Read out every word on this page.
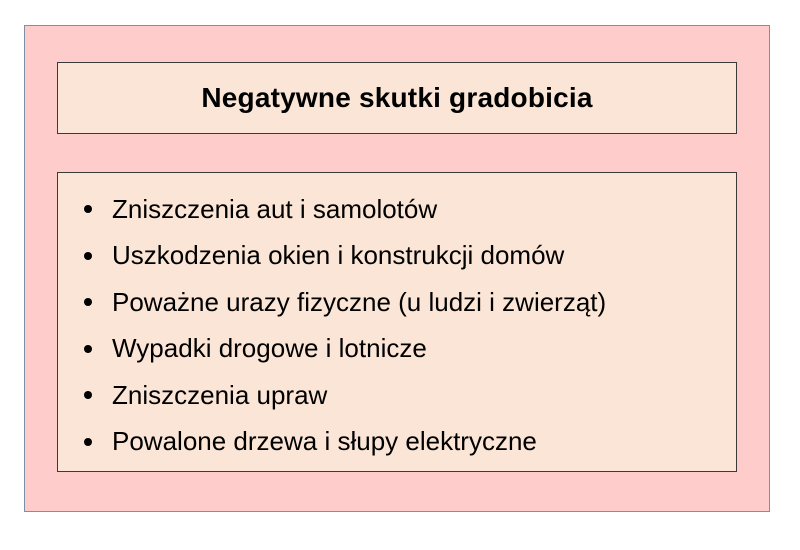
Negatywne skutki gradobicia
Zniszczenia aut i samolotów
Uszkodzenia okien i konstrukcji domów
Poważne urazy fizyczne (u ludzi i zwierząt)
Wypadki drogowe i lotnicze
Zniszczenia upraw
Powalone drzewa i słupy elektryczne
